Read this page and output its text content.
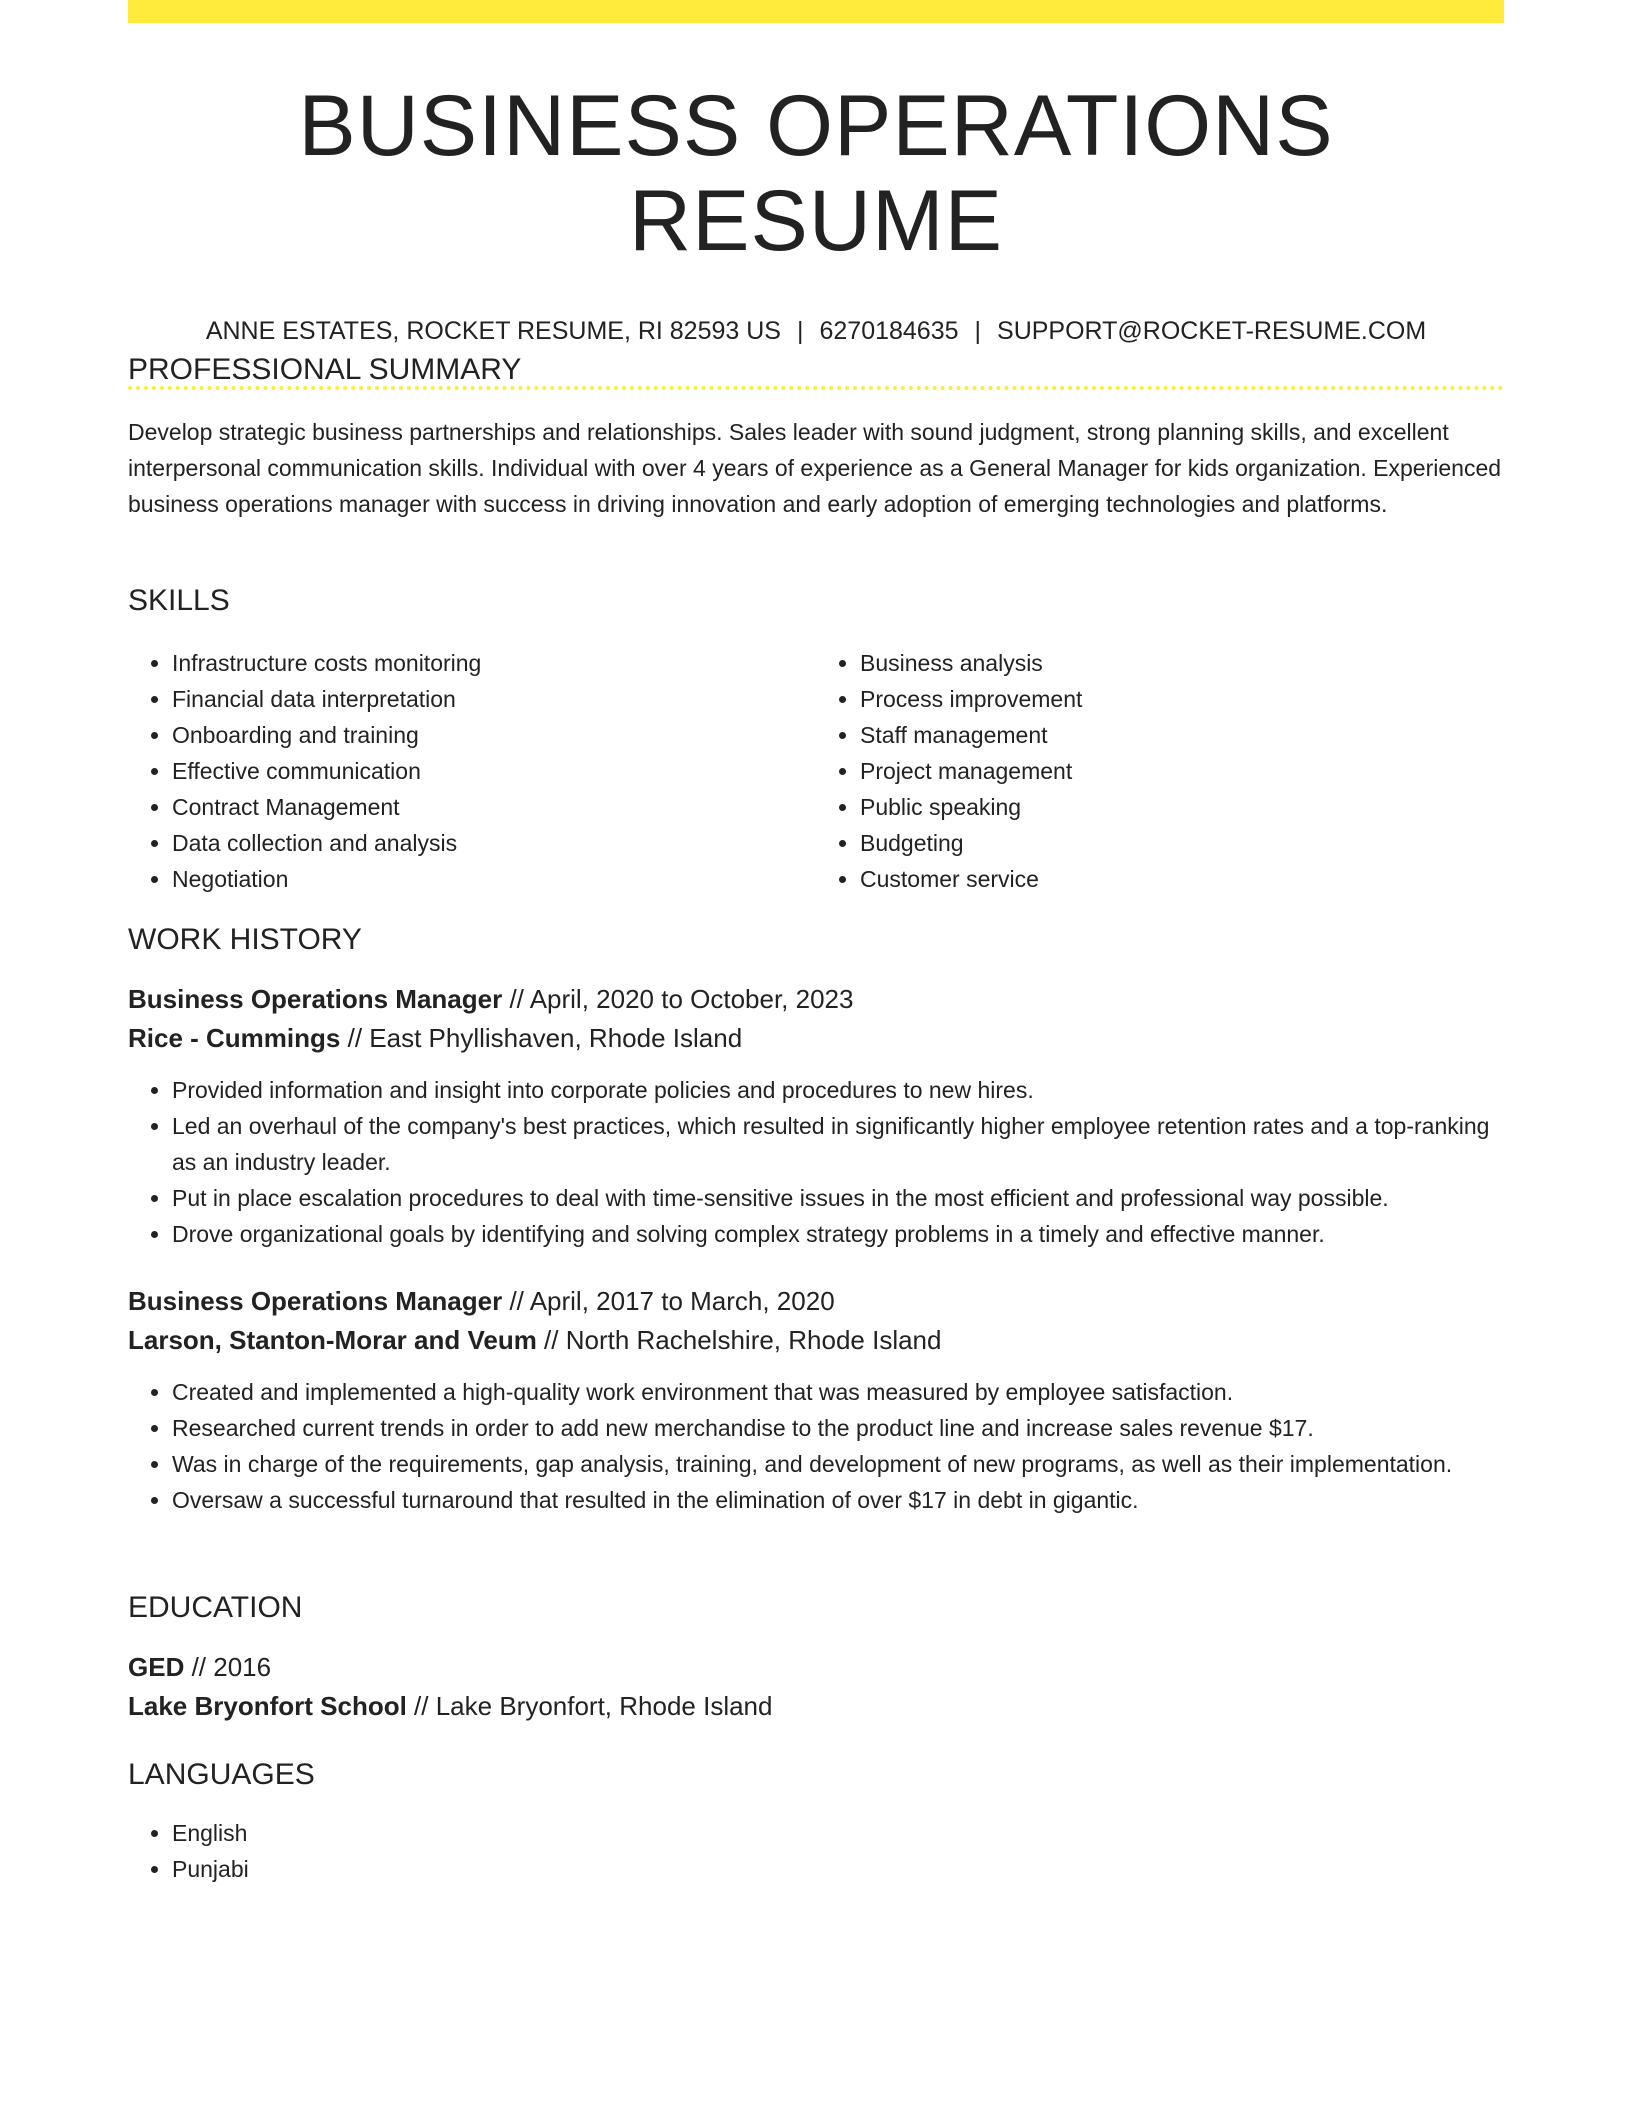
BUSINESS OPERATIONS RESUME
ANNE ESTATES, ROCKET RESUME, RI 82593 US | 6270184635 | SUPPORT@ROCKET-RESUME.COM
PROFESSIONAL SUMMARY

Develop strategic business partnerships and relationships. Sales leader with sound judgment, strong planning skills, and excellent interpersonal communication skills. Individual with over 4 years of experience as a General Manager for kids organization. Experienced business operations manager with success in driving innovation and early adoption of emerging technologies and platforms.

SKILLS
• Infrastructure costs monitoring
• Financial data interpretation
• Onboarding and training
• Effective communication
• Contract Management
• Data collection and analysis
• Negotiation
• Business analysis
• Process improvement
• Staff management
• Project management
• Public speaking
• Budgeting
• Customer service
WORK HISTORY

Business Operations Manager // April, 2020 to October, 2023

Rice - Cummings // East Phyllishaven, Rhode Island

• Provided information and insight into corporate policies and procedures to new hires.
• Led an overhaul of the company's best practices, which resulted in significantly higher employee retention rates and a top-ranking as an industry leader.
• Put in place escalation procedures to deal with time-sensitive issues in the most efficient and professional way possible.
• Drove organizational goals by identifying and solving complex strategy problems in a timely and effective manner.

Business Operations Manager // April, 2017 to March, 2020

Larson, Stanton-Morar and Veum // North Rachelshire, Rhode Island

• Created and implemented a high-quality work environment that was measured by employee satisfaction.
• Researched current trends in order to add new merchandise to the product line and increase sales revenue $17.
• Was in charge of the requirements, gap analysis, training, and development of new programs, as well as their implementation.
• Oversaw a successful turnaround that resulted in the elimination of over $17 in debt in gigantic.
EDUCATION

GED // 2016

Lake Bryonfort School // Lake Bryonfort, Rhode Island

LANGUAGES
• English
• Punjabi
